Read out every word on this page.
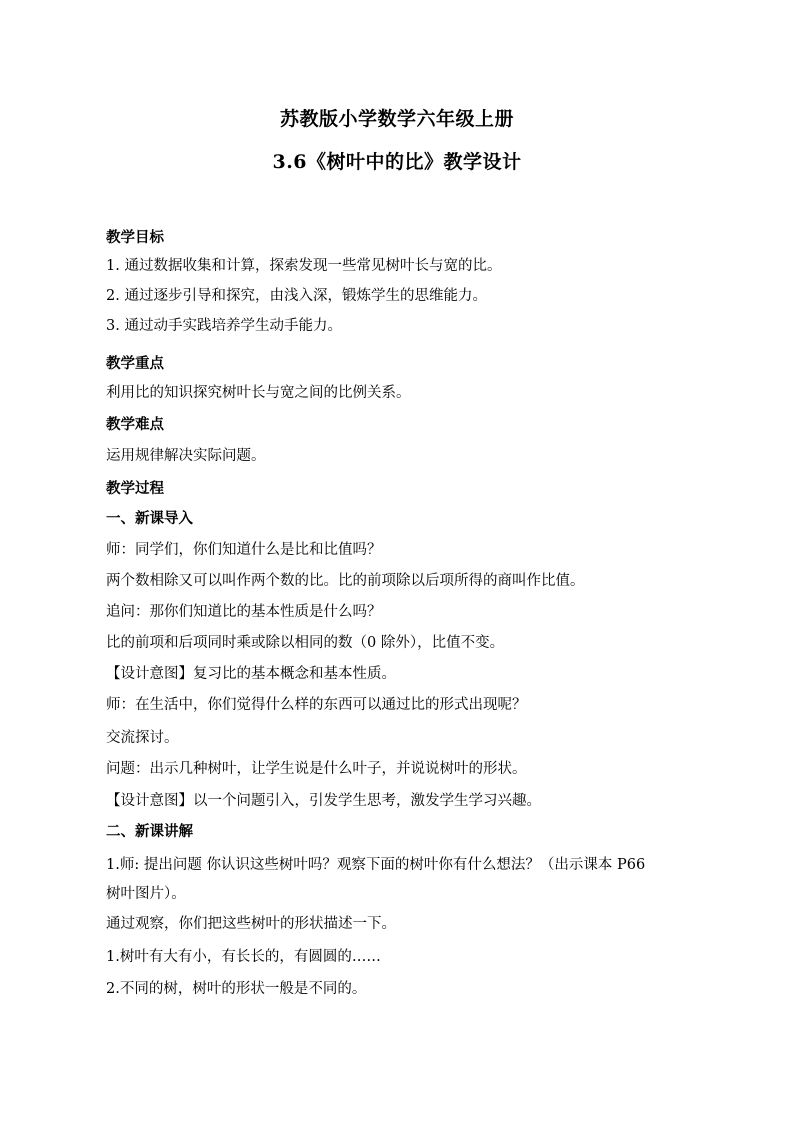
苏教版小学数学六年级上册
3.6《树叶中的比》教学设计
教学目标
1. 通过数据收集和计算，探索发现一些常见树叶长与宽的比。
2. 通过逐步引导和探究，由浅入深，锻炼学生的思维能力。
3. 通过动手实践培养学生动手能力。
教学重点
利用比的知识探究树叶长与宽之间的比例关系。
教学难点
运用规律解决实际问题。
教学过程
一、新课导入
师：同学们，你们知道什么是比和比值吗？
两个数相除又可以叫作两个数的比。比的前项除以后项所得的商叫作比值。
追问：那你们知道比的基本性质是什么吗？
比的前项和后项同时乘或除以相同的数（0 除外），比值不变。
【设计意图】复习比的基本概念和基本性质。
师：在生活中，你们觉得什么样的东西可以通过比的形式出现呢？
交流探讨。
问题：出示几种树叶，让学生说是什么叶子，并说说树叶的形状。
【设计意图】以一个问题引入，引发学生思考，激发学生学习兴趣。
二、新课讲解
1.师: 提出问题 你认识这些树叶吗？观察下面的树叶你有什么想法？（出示课本 P66
树叶图片）。
通过观察，你们把这些树叶的形状描述一下。
1.树叶有大有小，有长长的，有圆圆的……
2.不同的树，树叶的形状一般是不同的。
